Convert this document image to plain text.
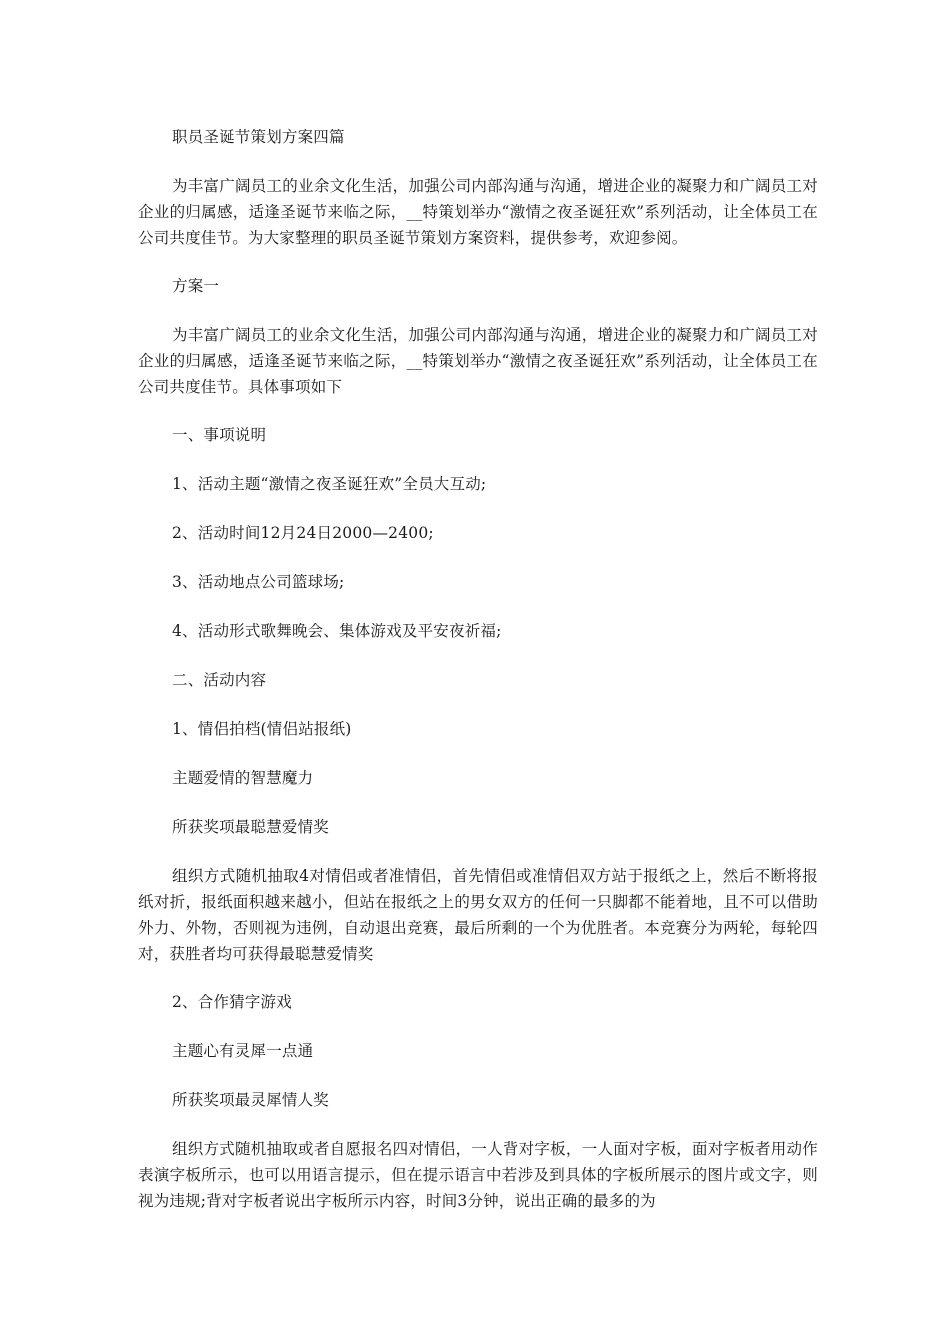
职员圣诞节策划方案四篇

为丰富广阔员工的业余文化生活，加强公司内部沟通与沟通，增进企业的凝聚力和广阔员工对企业的归属感，适逢圣诞节来临之际，__特策划举办“激情之夜圣诞狂欢”系列活动，让全体员工在公司共度佳节。为大家整理的职员圣诞节策划方案资料，提供参考，欢迎参阅。

方案一

为丰富广阔员工的业余文化生活，加强公司内部沟通与沟通，增进企业的凝聚力和广阔员工对企业的归属感，适逢圣诞节来临之际，__特策划举办“激情之夜圣诞狂欢”系列活动，让全体员工在公司共度佳节。具体事项如下

一、事项说明

1、活动主题“激情之夜圣诞狂欢”全员大互动;

2、活动时间12月24日2000—2400;

3、活动地点公司篮球场;

4、活动形式歌舞晚会、集体游戏及平安夜祈福;

二、活动内容

1、情侣拍档(情侣站报纸)

主题爱情的智慧魔力

所获奖项最聪慧爱情奖

组织方式随机抽取4对情侣或者准情侣，首先情侣或准情侣双方站于报纸之上，然后不断将报纸对折，报纸面积越来越小，但站在报纸之上的男女双方的任何一只脚都不能着地，且不可以借助外力、外物，否则视为违例，自动退出竞赛，最后所剩的一个为优胜者。本竞赛分为两轮，每轮四对，获胜者均可获得最聪慧爱情奖

2、合作猜字游戏

主题心有灵犀一点通

所获奖项最灵犀情人奖

组织方式随机抽取或者自愿报名四对情侣，一人背对字板，一人面对字板，面对字板者用动作表演字板所示，也可以用语言提示，但在提示语言中若涉及到具体的字板所展示的图片或文字，则视为违规;背对字板者说出字板所示内容，时间3分钟，说出正确的最多的为
